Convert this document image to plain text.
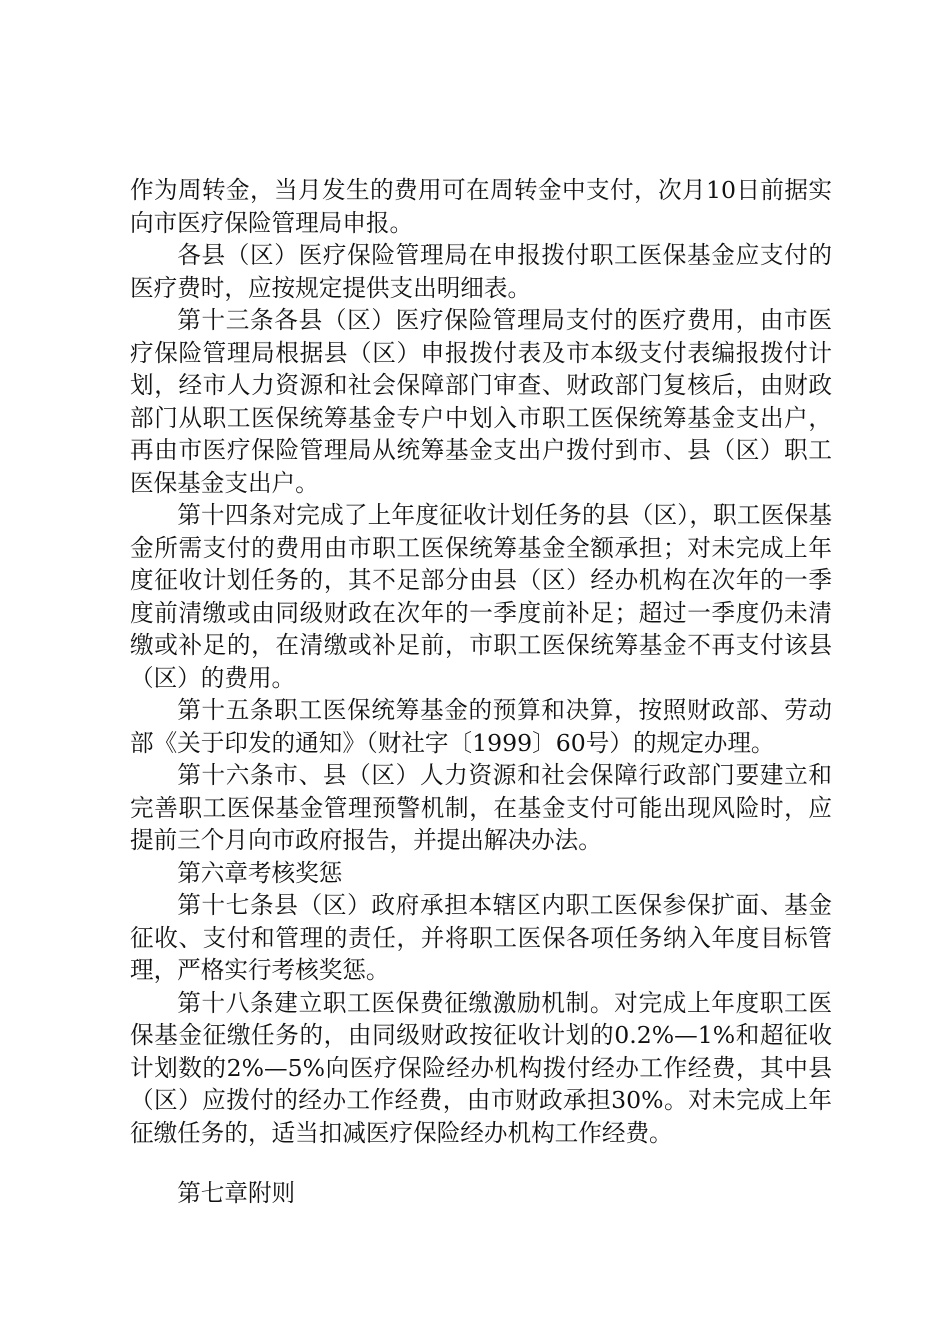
作为周转金，当月发生的费用可在周转金中支付，次月10日前据实向市医疗保险管理局申报。

各县（区）医疗保险管理局在申报拨付职工医保基金应支付的医疗费时，应按规定提供支出明细表。

第十三条各县（区）医疗保险管理局支付的医疗费用，由市医疗保险管理局根据县（区）申报拨付表及市本级支付表编报拨付计划，经市人力资源和社会保障部门审查、财政部门复核后，由财政部门从职工医保统筹基金专户中划入市职工医保统筹基金支出户，再由市医疗保险管理局从统筹基金支出户拨付到市、县（区）职工医保基金支出户。

第十四条对完成了上年度征收计划任务的县（区），职工医保基金所需支付的费用由市职工医保统筹基金全额承担；对未完成上年度征收计划任务的，其不足部分由县（区）经办机构在次年的一季度前清缴或由同级财政在次年的一季度前补足；超过一季度仍未清缴或补足的，在清缴或补足前，市职工医保统筹基金不再支付该县（区）的费用。

第十五条职工医保统筹基金的预算和决算，按照财政部、劳动部《关于印发的通知》（财社字〔1999〕60号）的规定办理。

第十六条市、县（区）人力资源和社会保障行政部门要建立和完善职工医保基金管理预警机制，在基金支付可能出现风险时，应提前三个月向市政府报告，并提出解决办法。

第六章考核奖惩

第十七条县（区）政府承担本辖区内职工医保参保扩面、基金征收、支付和管理的责任，并将职工医保各项任务纳入年度目标管理，严格实行考核奖惩。

第十八条建立职工医保费征缴激励机制。对完成上年度职工医保基金征缴任务的，由同级财政按征收计划的0.2%—1%和超征收计划数的2%—5%向医疗保险经办机构拨付经办工作经费，其中县（区）应拨付的经办工作经费，由市财政承担30%。对未完成上年征缴任务的，适当扣减医疗保险经办机构工作经费。

第七章附则
